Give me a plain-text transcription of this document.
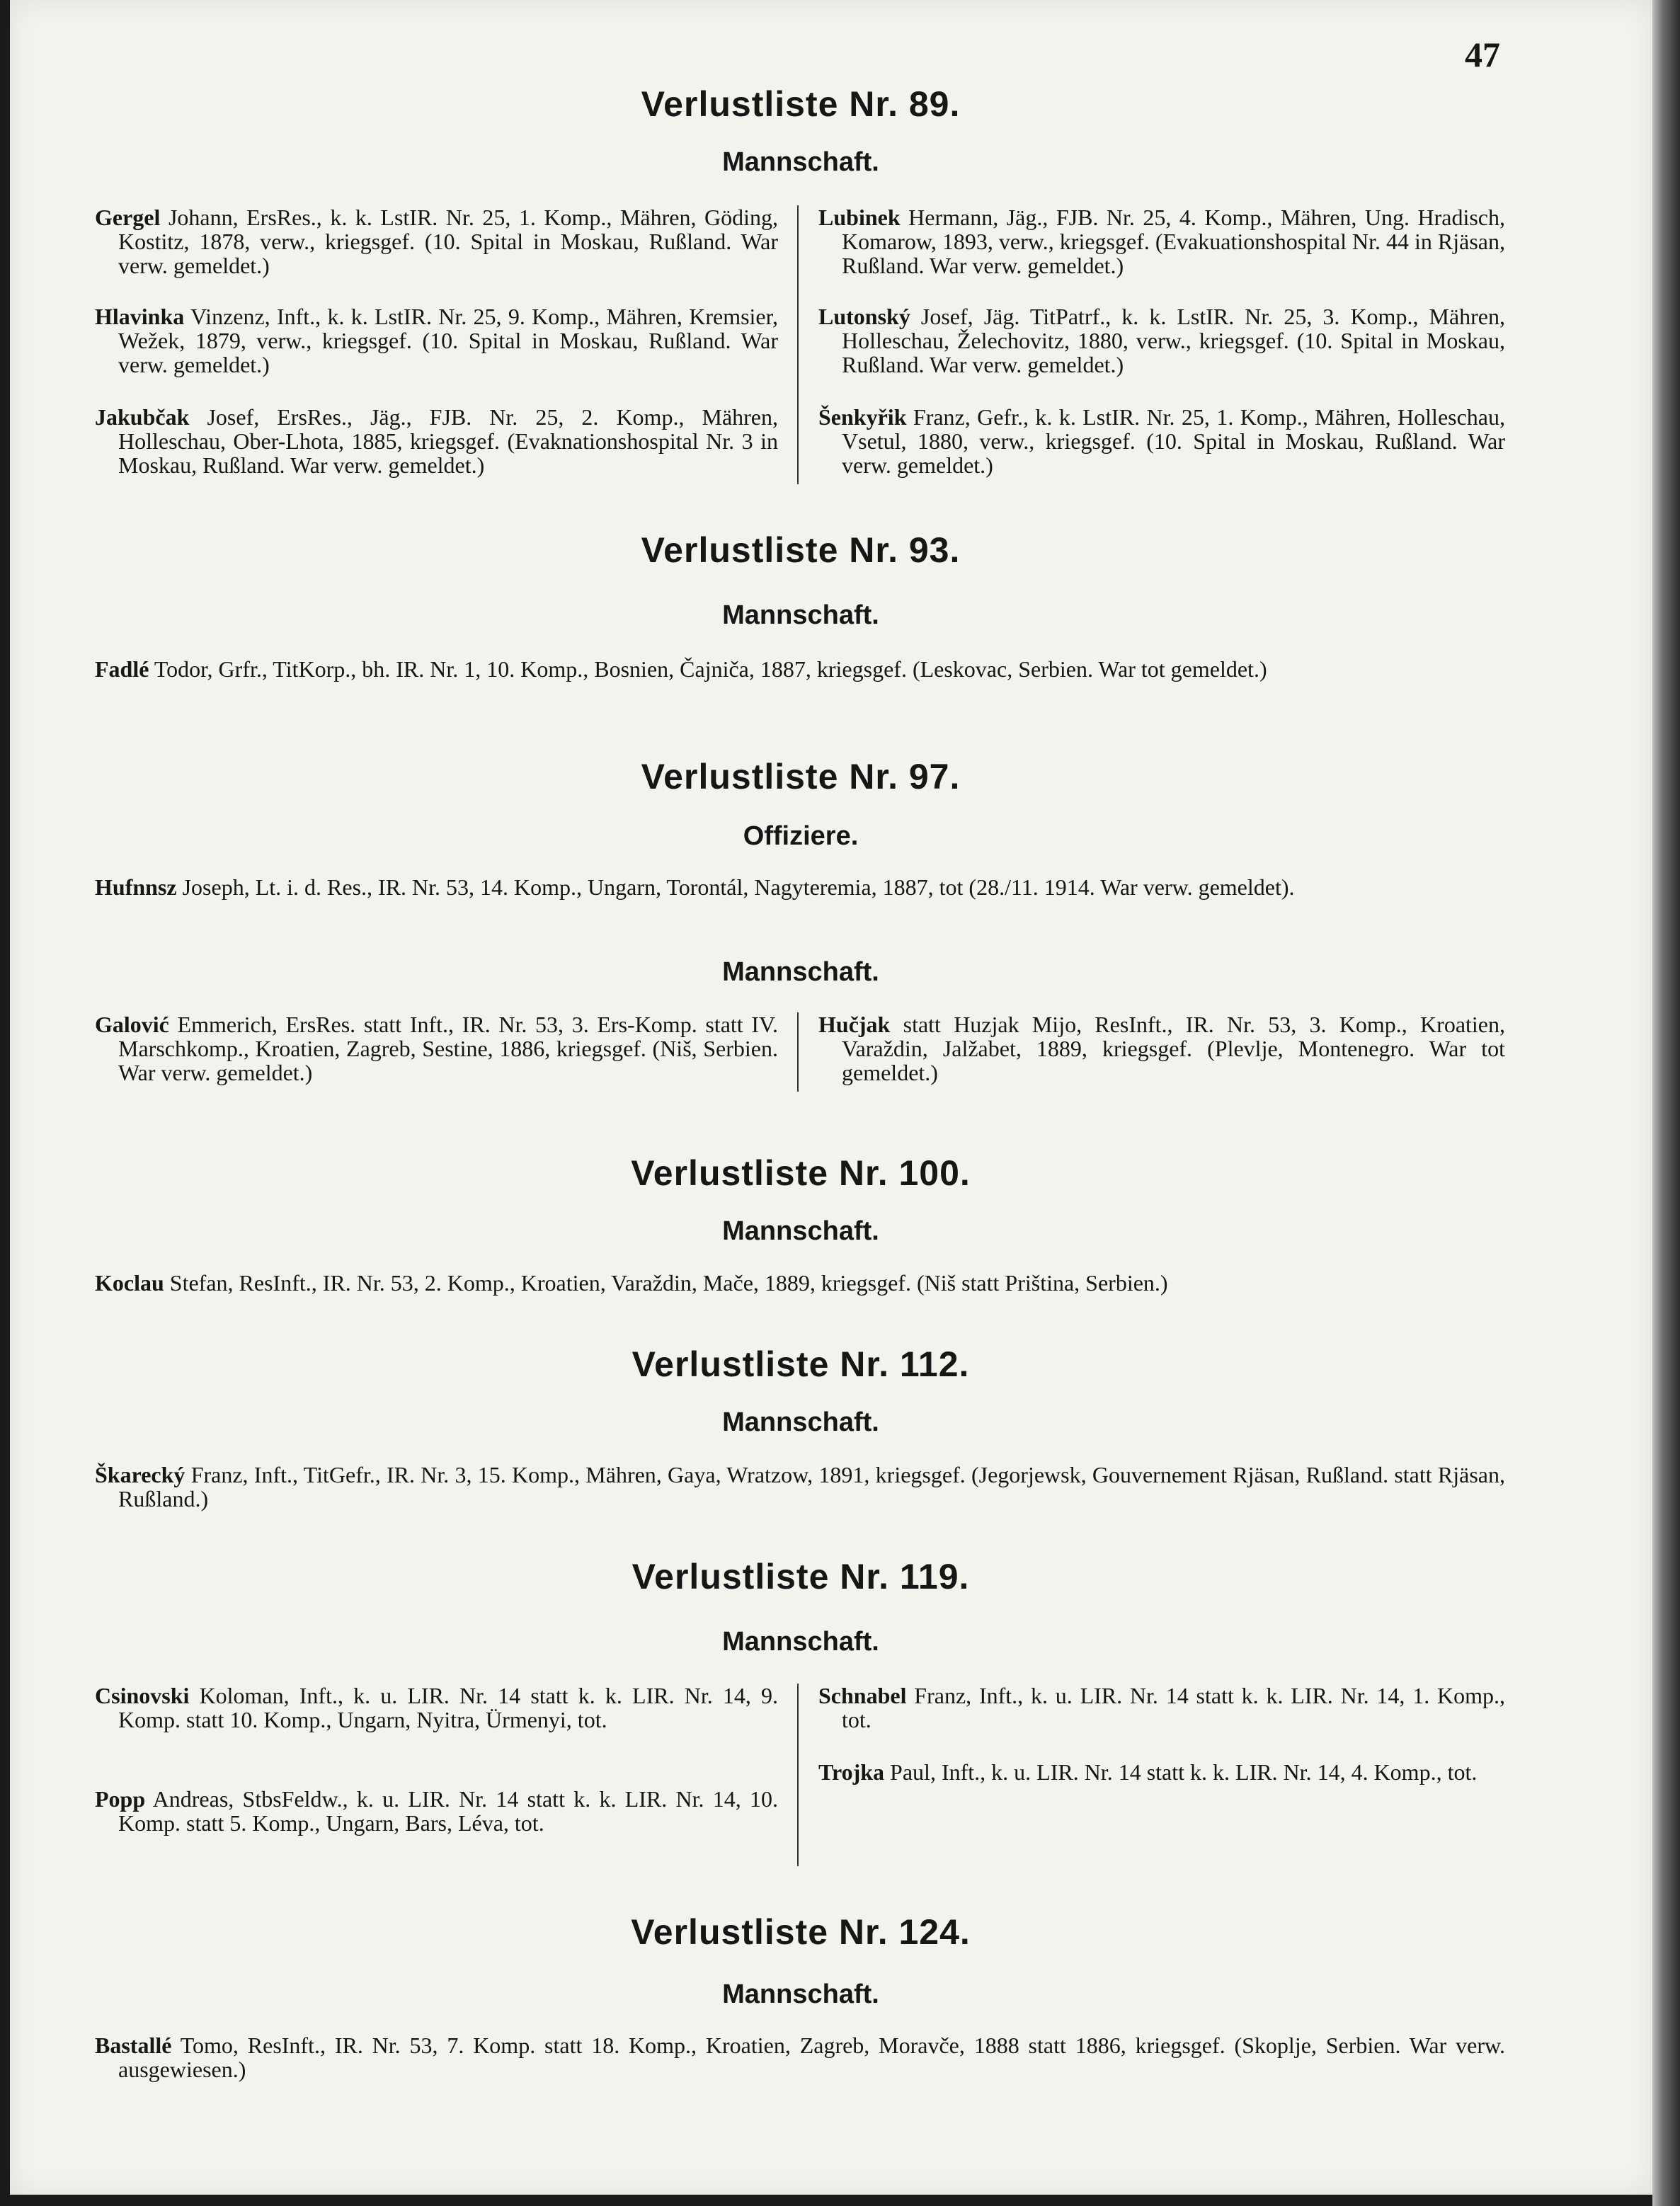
47
Verlustliste Nr. 89.
Mannschaft.
Gergel Johann, ErsRes., k. k. LstIR. Nr. 25, 1. Komp., Mähren, Göding, Kostitz, 1878, verw., kriegsgef. (10. Spital in Moskau, Rußland. War verw. gemeldet.)
Hlavinka Vinzenz, Inft., k. k. LstIR. Nr. 25, 9. Komp., Mähren, Kremsier, Wežek, 1879, verw., kriegsgef. (10. Spital in Moskau, Rußland. War verw. gemeldet.)
Jakubčak Josef, ErsRes., Jäg., FJB. Nr. 25, 2. Komp., Mähren, Holleschau, Ober-Lhota, 1885, kriegsgef. (Evaknationshospital Nr. 3 in Moskau, Rußland. War verw. gemeldet.)
Lubinek Hermann, Jäg., FJB. Nr. 25, 4. Komp., Mähren, Ung. Hradisch, Komarow, 1893, verw., kriegsgef. (Evakuationshospital Nr. 44 in Rjäsan, Rußland. War verw. gemeldet.)
Lutonský Josef, Jäg. TitPatrf., k. k. LstIR. Nr. 25, 3. Komp., Mähren, Holleschau, Želechovitz, 1880, verw., kriegsgef. (10. Spital in Moskau, Rußland. War verw. gemeldet.)
Šenkyřik Franz, Gefr., k. k. LstIR. Nr. 25, 1. Komp., Mähren, Holleschau, Vsetul, 1880, verw., kriegsgef. (10. Spital in Moskau, Rußland. War verw. gemeldet.)
Verlustliste Nr. 93.
Mannschaft.
Fadlé Todor, Grfr., TitKorp., bh. IR. Nr. 1, 10. Komp., Bosnien, Čajniča, 1887, kriegsgef. (Leskovac, Serbien. War tot gemeldet.)
Verlustliste Nr. 97.
Offiziere.
Hufnnsz Joseph, Lt. i. d. Res., IR. Nr. 53, 14. Komp., Ungarn, Torontál, Nagyteremia, 1887, tot (28./11. 1914. War verw. gemeldet).
Mannschaft.
Galović Emmerich, ErsRes. statt Inft., IR. Nr. 53, 3. Ers-Komp. statt IV. Marschkomp., Kroatien, Zagreb, Sestine, 1886, kriegsgef. (Niš, Serbien. War verw. gemeldet.)
Hučjak statt Huzjak Mijo, ResInft., IR. Nr. 53, 3. Komp., Kroatien, Varaždin, Jalžabet, 1889, kriegsgef. (Plevlje, Montenegro. War tot gemeldet.)
Verlustliste Nr. 100.
Mannschaft.
Koclau Stefan, ResInft., IR. Nr. 53, 2. Komp., Kroatien, Varaždin, Mače, 1889, kriegsgef. (Niš statt Priština, Serbien.)
Verlustliste Nr. 112.
Mannschaft.
Škarecký Franz, Inft., TitGefr., IR. Nr. 3, 15. Komp., Mähren, Gaya, Wratzow, 1891, kriegsgef. (Jegorjewsk, Gouvernement Rjäsan, Rußland. statt Rjäsan, Rußland.)
Verlustliste Nr. 119.
Mannschaft.
Csinovski Koloman, Inft., k. u. LIR. Nr. 14 statt k. k. LIR. Nr. 14, 9. Komp. statt 10. Komp., Ungarn, Nyitra, Ürmenyi, tot.
Popp Andreas, StbsFeldw., k. u. LIR. Nr. 14 statt k. k. LIR. Nr. 14, 10. Komp. statt 5. Komp., Ungarn, Bars, Léva, tot.
Schnabel Franz, Inft., k. u. LIR. Nr. 14 statt k. k. LIR. Nr. 14, 1. Komp., tot.
Trojka Paul, Inft., k. u. LIR. Nr. 14 statt k. k. LIR. Nr. 14, 4. Komp., tot.
Verlustliste Nr. 124.
Mannschaft.
Bastallé Tomo, ResInft., IR. Nr. 53, 7. Komp. statt 18. Komp., Kroatien, Zagreb, Moravče, 1888 statt 1886, kriegsgef. (Skoplje, Serbien. War verw. ausgewiesen.)
